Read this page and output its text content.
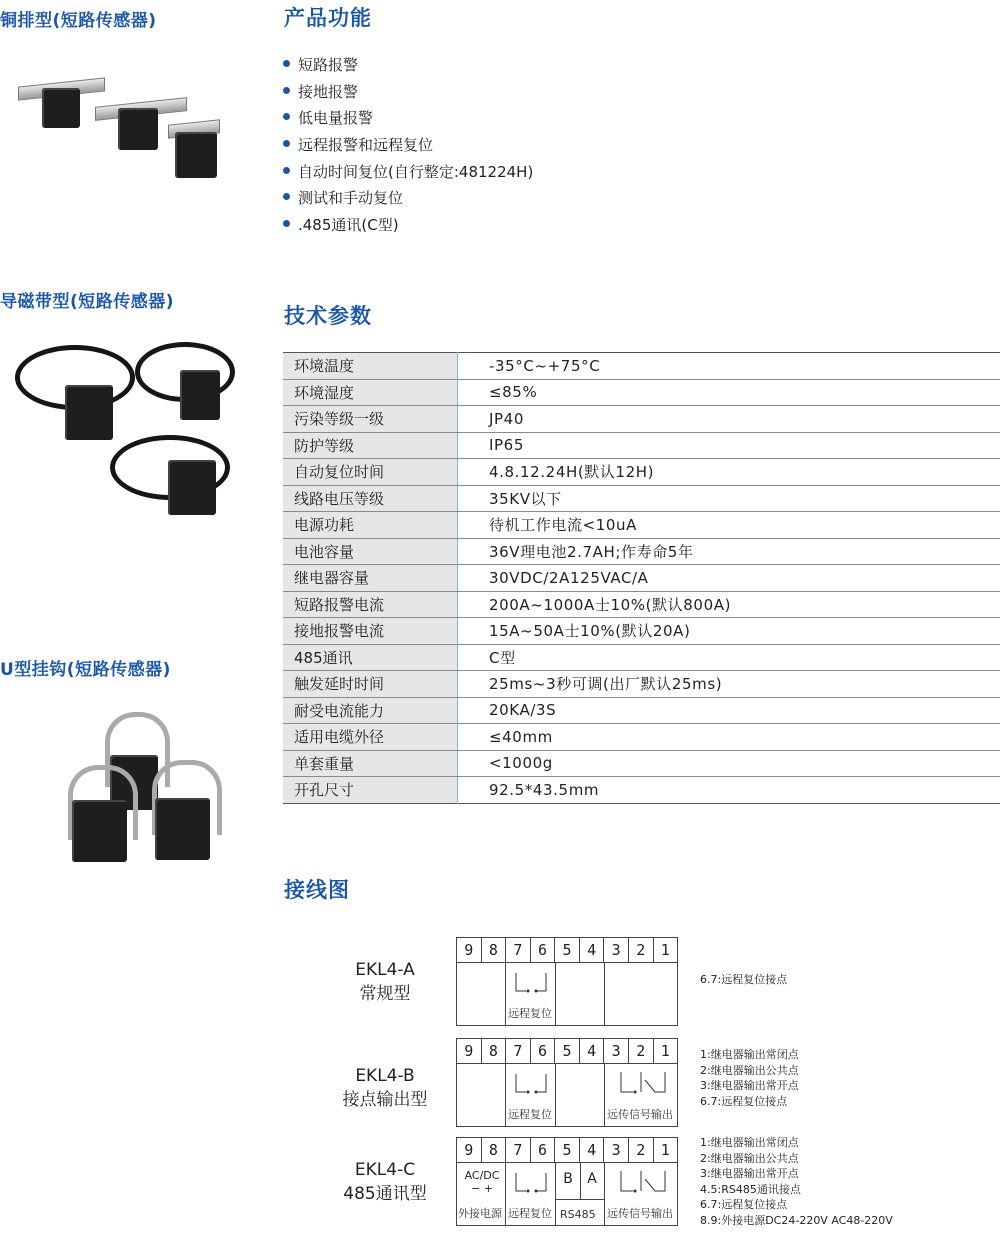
铜排型(短路传感器)
导磁带型(短路传感器)
U型挂钩(短路传感器)
产品功能
短路报警
接地报警
低电量报警
远程报警和远程复位
自动时间复位(自行整定:481224H)
测试和手动复位
.485通讯(C型)
技术参数
环境温度	-35°C~+75°C
环境湿度	≤85%
污染等级一级	JP40
防护等级	IP65
自动复位时间	4.8.12.24H(默认12H)
线路电压等级	35KV以下
电源功耗	待机工作电流<10uA
电池容量	36V理电池2.7AH;作寿命5年
继电器容量	30VDC/2A125VAC/A
短路报警电流	200A~1000A士10%(默认800A)
接地报警电流	15A~50A士10%(默认20A)
485通讯	C型
触发延时时间	25ms~3秒可调(出厂默认25ms)
耐受电流能力	20KA/3S
适用电缆外径	≤40mm
单套重量	<1000g
开孔尺寸	92.5*43.5mm
接线图
EKL4-A
常规型
9	8	7	6	5	4	3	2	1
远程复位
6.7:远程复位接点
EKL4-B
接点输出型
9	8	7	6	5	4	3	2	1
远程复位	远传信号输出
1:继电器输出常闭点
2:继电器输出公共点
3:继电器输出常开点
6.7:远程复位接点
EKL4-C
485通讯型
9	8	7	6	5	4	3	2	1
AC/DC
− +
外接电源 远程复位
B	A
RS485 远传信号输出
1:继电器输出常闭点
2:继电器输出公共点
3:继电器输出常开点
4.5:RS485通讯接点
6.7:远程复位接点
8.9:外接电源DC24-220V AC48-220V
